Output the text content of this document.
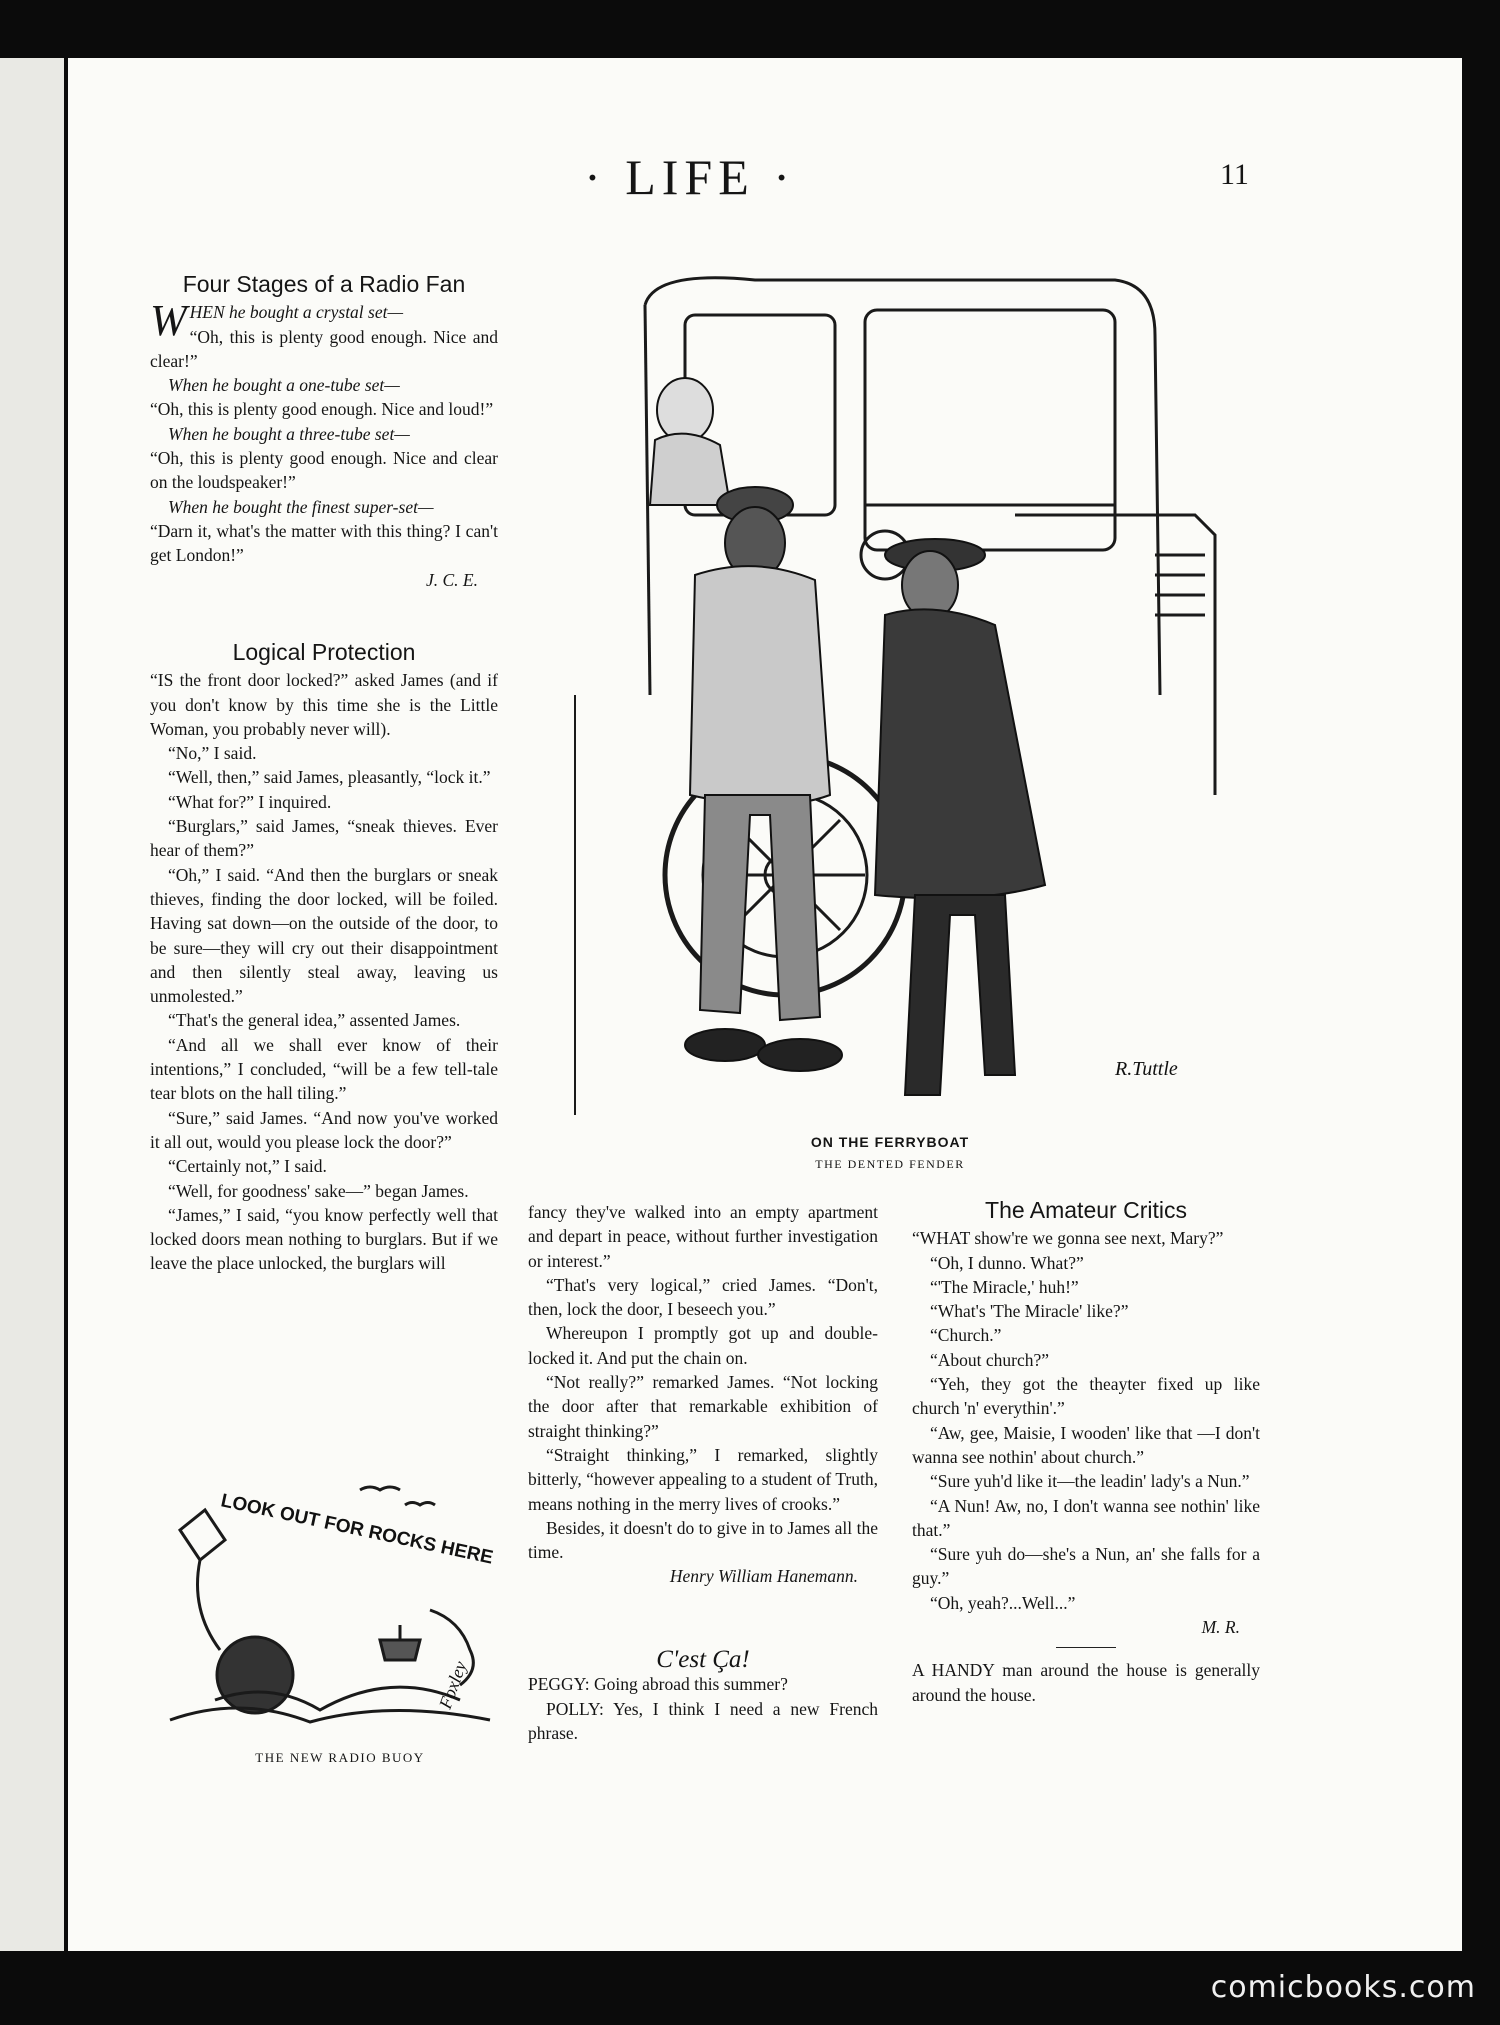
· LIFE ·	11
Four Stages of a Radio Fan

WHEN he bought a crystal set—

“Oh, this is plenty good enough. Nice and clear!”

When he bought a one-tube set—

“Oh, this is plenty good enough. Nice and loud!”

When he bought a three-tube set—

“Oh, this is plenty good enough. Nice and clear on the loudspeaker!”

When he bought the finest super-set—

“Darn it, what's the matter with this thing? I can't get London!”

J. C. E.
Logical Protection

“IS the front door locked?” asked James (and if you don't know by this time she is the Little Woman, you probably never will).

“No,” I said.

“Well, then,” said James, pleasantly, “lock it.”

“What for?” I inquired.

“Burglars,” said James, “sneak thieves. Ever hear of them?”

“Oh,” I said. “And then the burglars or sneak thieves, finding the door locked, will be foiled. Having sat down—on the outside of the door, to be sure—they will cry out their disappointment and then silently steal away, leaving us unmolested.”

“That's the general idea,” assented James.

“And all we shall ever know of their intentions,” I concluded, “will be a few tell-tale tear blots on the hall tiling.”

“Sure,” said James. “And now you've worked it all out, would you please lock the door?”

“Certainly not,” I said.

“Well, for goodness' sake—” began James.

“James,” I said, “you know perfectly well that locked doors mean nothing to burglars. But if we leave the place unlocked, the burglars will

fancy they've walked into an empty apartment and depart in peace, without further investigation or interest.”

“That's very logical,” cried James. “Don't, then, lock the door, I beseech you.”

Whereupon I promptly got up and double-locked it. And put the chain on.

“Not really?” remarked James. “Not locking the door after that remarkable exhibition of straight thinking?”

“Straight thinking,” I remarked, slightly bitterly, “however appealing to a student of Truth, means nothing in the merry lives of crooks.”

Besides, it doesn't do to give in to James all the time.

Henry William Hanemann.
C'est Ça!

PEGGY: Going abroad this summer?

POLLY: Yes, I think I need a new French phrase.

R.Tuttle
ON THE FERRYBOAT
THE DENTED FENDER
LOOK OUT FOR ROCKS HERE
Foxley
THE NEW RADIO BUOY
The Amateur Critics

“WHAT show're we gonna see next, Mary?”

“Oh, I dunno. What?”

“'The Miracle,' huh!”

“What's 'The Miracle' like?”

“Church.”

“About church?”

“Yeh, they got the theayter fixed up like church 'n' everythin'.”

“Aw, gee, Maisie, I wooden' like that —I don't wanna see nothin' about church.”

“Sure yuh'd like it—the leadin' lady's a Nun.”

“A Nun! Aw, no, I don't wanna see nothin' like that.”

“Sure yuh do—she's a Nun, an' she falls for a guy.”

“Oh, yeah?...Well...”

M. R.

A HANDY man around the house is generally around the house.

comicbooks.com
